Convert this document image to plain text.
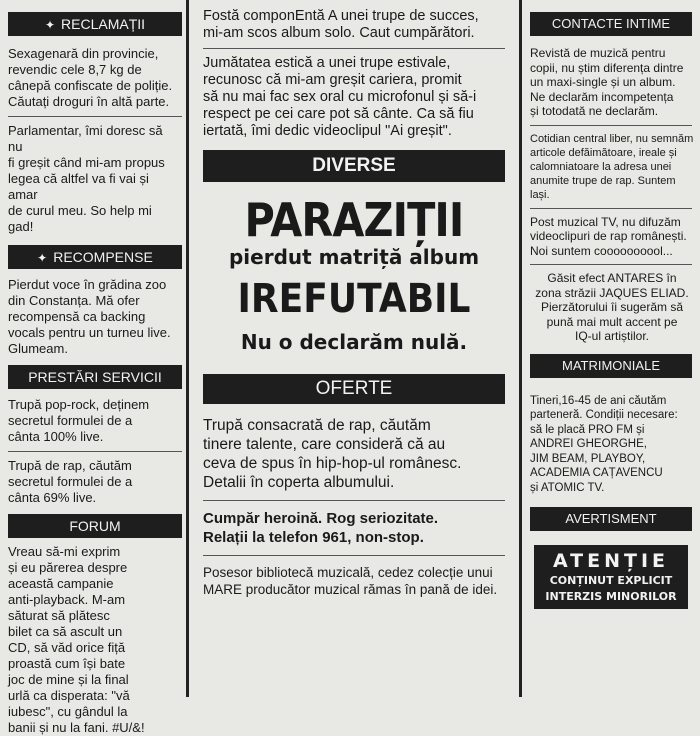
✦ RECLAMAȚII
Sexagenară din provincie,
revendic cele 8,7 kg de
cânepă confiscate de poliție.
Căutați droguri în altă parte.
Parlamentar, îmi doresc să nu
fi greșit când mi-am propus
legea că altfel va fi vai și amar
de curul meu. So help mi gad!
✦ RECOMPENSE
Pierdut voce în grădina zoo
din Constanța. Mă ofer
recompensă ca backing
vocals pentru un turneu live.
Glumeam.
PRESTĂRI SERVICII
Trupă pop-rock, deținem
secretul formulei de a
cânta 100% live.
Trupă de rap, căutăm
secretul formulei de a
cânta 69% live.
FORUM
Vreau să-mi exprim
și eu părerea despre
această campanie
anti-playback. M-am
săturat să plătesc
bilet ca să ascult un
CD, să văd orice fiță
proastă cum își bate
joc de mine și la final
urlă ca disperata: "vă
iubesc", cu gândul la
banii și nu la fani. #U/&!
Fostă componEntă A unei trupe de succes,
mi-am scos album solo. Caut cumpărători.
Jumătatea estică a unei trupe estivale,
recunosc că mi-am greșit cariera, promit
să nu mai fac sex oral cu microfonul și să-i
respect pe cei care pot să cânte. Ca să fiu
iertată, îmi dedic videoclipul "Ai greșit".
DIVERSE
PARAZIȚII
pierdut matriță album
IREFUTABIL
Nu o declarăm nulă.
OFERTE
Trupă consacrată de rap, căutăm
tinere talente, care consideră că au
ceva de spus în hip-hop-ul românesc.
Detalii în coperta albumului.
Cumpăr heroină. Rog seriozitate.
Relații la telefon 961, non-stop.
Posesor bibliotecă muzicală, cedez colecție unui
MARE producător muzical rămas în pană de idei.
CONTACTE INTIME
Revistă de muzică pentru
copii, nu știm diferența dintre
un maxi-single și un album.
Ne declarăm incompetența
și totodată ne declarăm.
Cotidian central liber, nu semnăm
articole defăimătoare, ireale și
calomniatoare la adresa unei
anumite trupe de rap. Suntem lași.
Post muzical TV, nu difuzăm
videoclipuri de rap românești.
Noi suntem coooooooool...
Găsit efect ANTARES în
zona străzii JAQUES ELIAD.
Pierzătorului îi sugerăm să
pună mai mult accent pe
IQ-ul artiștilor.
MATRIMONIALE
Tineri,16-45 de ani căutăm
parteneră. Condiții necesare:
să le placă PRO FM și
ANDREI GHEORGHE,
JIM BEAM, PLAYBOY,
ACADEMIA CAȚAVENCU
și ATOMIC TV.
AVERTISMENT
ATENȚIE
CONȚINUT EXPLICIT
INTERZIS MINORILOR
